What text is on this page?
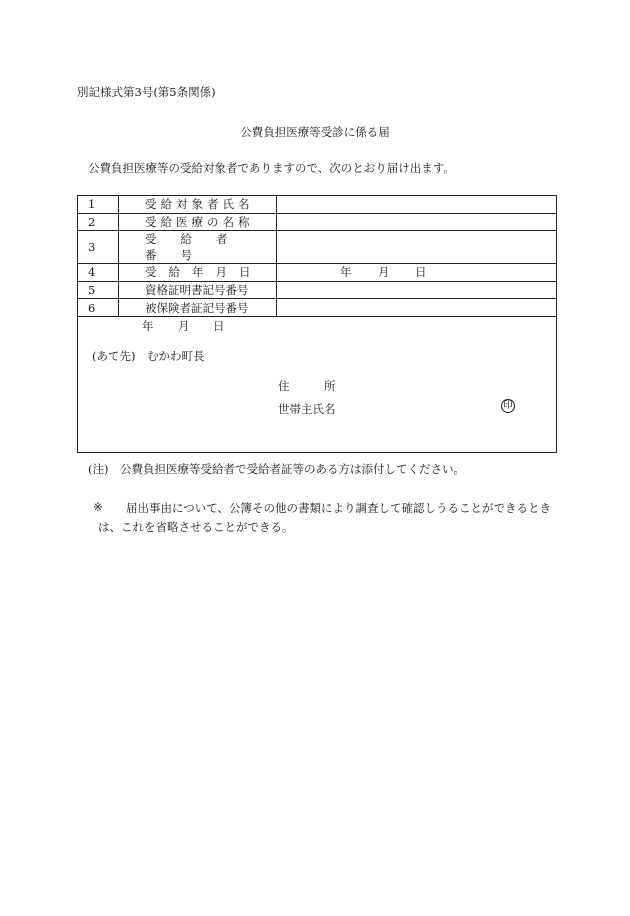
別記様式第3号(第5条関係)
公費負担医療等受診に係る届
公費負担医療等の受給対象者でありますので、次のとおり届け出ます。
1	受給対象者氏名	

2	受給医療の名称	

3	受給者番号	

4	受給年月日	年 月 日

5	資格証明書記号番号	

6	被保険者証記号番号	

年 月 日
(あて先)　むかわ町長
住　　　所
世帯主氏名	印
(注)　公費負担医療等受給者で受給者証等のある方は添付してください。
※ 届出事由について、公簿その他の書類により調査して確認しうることができるとき
は、これを省略させることができる。
